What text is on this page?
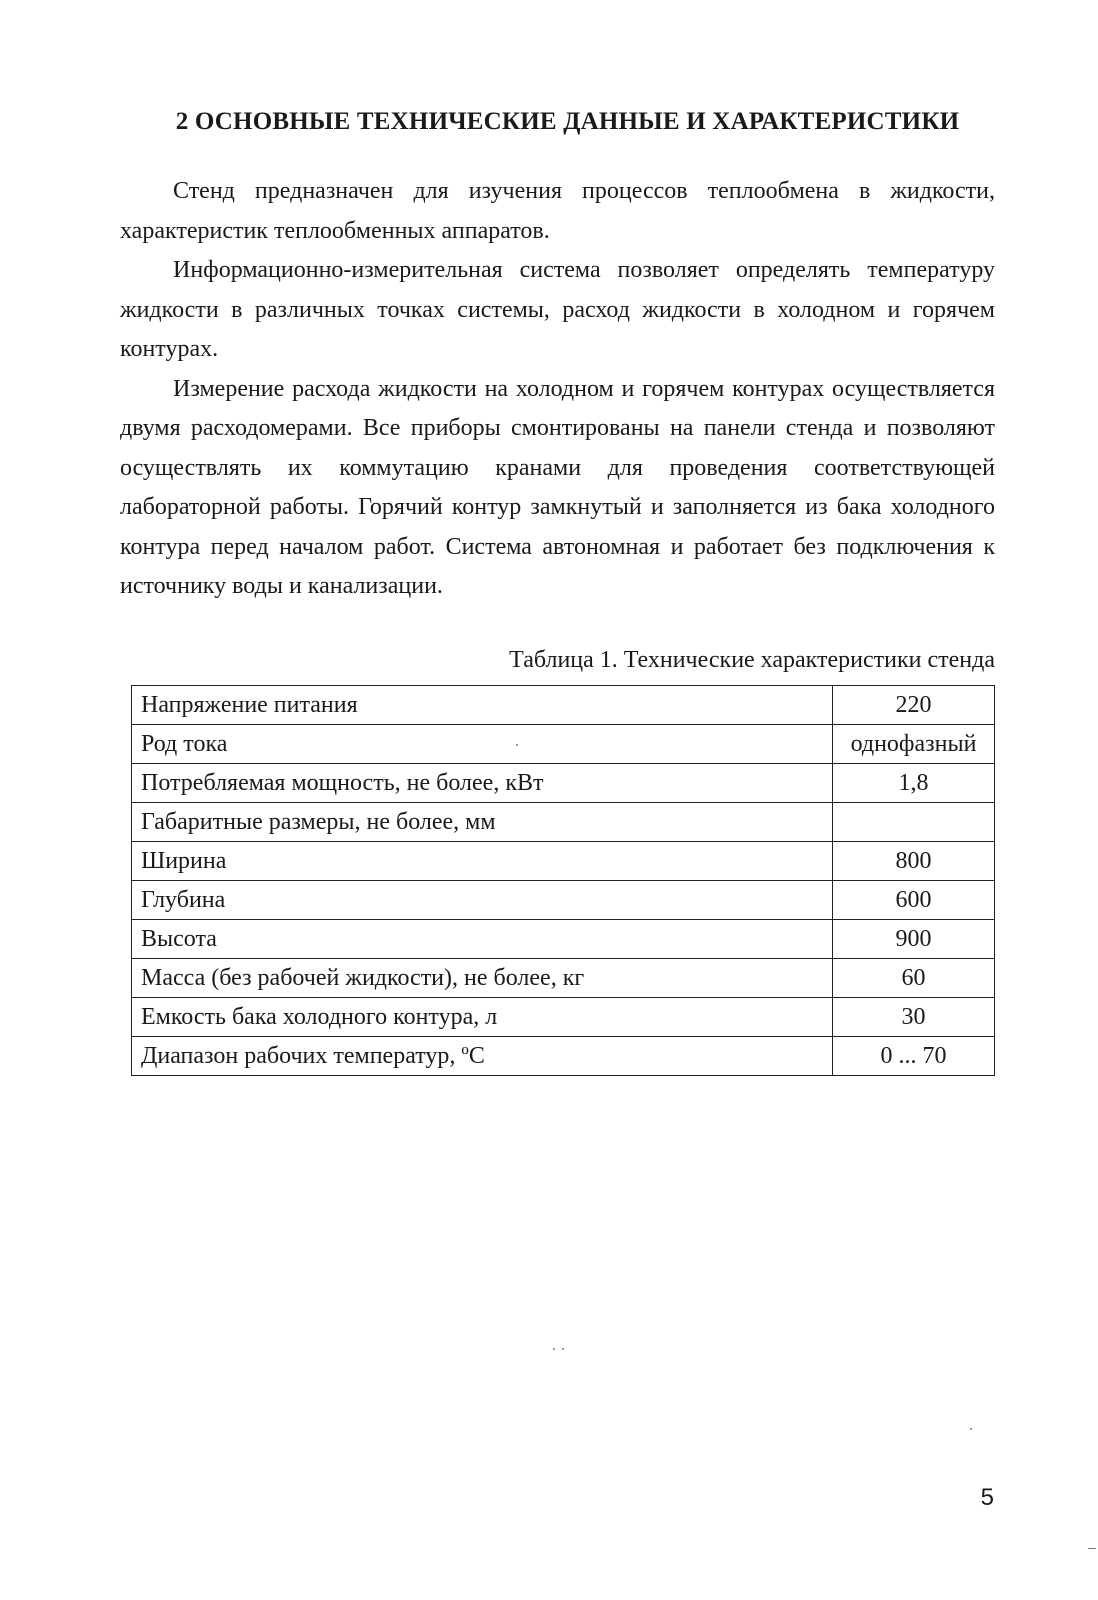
2 ОСНОВНЫЕ ТЕХНИЧЕСКИЕ ДАННЫЕ И ХАРАКТЕРИСТИКИ

Стенд предназначен для изучения процессов теплообмена в жидкости, характеристик теплообменных аппаратов.

Информационно-измерительная система позволяет определять температуру жидкости в различных точках системы, расход жидкости в холодном и горячем контурах.

Измерение расхода жидкости на холодном и горячем контурах осуществляется двумя расходомерами. Все приборы смонтированы на панели стенда и позволяют осуществлять их коммутацию кранами для проведения соответствующей лабораторной работы. Горячий контур замкнутый и заполняется из бака холодного контура перед началом работ. Система автономная и работает без подключения к источнику воды и канализации.

Таблица 1. Технические характеристики стенда
Напряжение питания	220
Род тока	однофазный
Потребляемая мощность, не более, кВт	1,8
Габаритные размеры, не более, мм	
Ширина	800
Глубина	600
Высота	900
Масса (без рабочей жидкости), не более, кг	60
Емкость бака холодного контура, л	30
Диапазон рабочих температур, ºС	0 ... 70
5
